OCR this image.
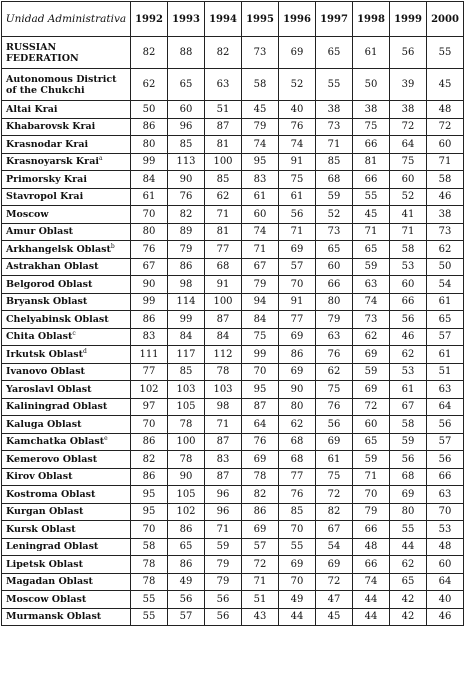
Unidad Administrativa	1992	1993	1994	1995	1996	1997	1998	1999	2000
RUSSIAN FEDERATION	82	88	82	73	69	65	61	56	55
Autonomous District of the Chukchi	62	65	63	58	52	55	50	39	45
Altai Krai	50	60	51	45	40	38	38	38	48
Khabarovsk Krai	86	96	87	79	76	73	75	72	72
Krasnodar Krai	80	85	81	74	74	71	66	64	60
Krasnoyarsk Krai$^a$	99	113	100	95	91	85	81	75	71
Primorsky Krai	84	90	85	83	75	68	66	60	58
Stavropol Krai	61	76	62	61	61	59	55	52	46
Moscow	70	82	71	60	56	52	45	41	38
Amur Oblast	80	89	81	74	71	73	71	71	73
Arkhangelsk Oblast$^b$	76	79	77	71	69	65	65	58	62
Astrakhan Oblast	67	86	68	67	57	60	59	53	50
Belgorod Oblast	90	98	91	79	70	66	63	60	54
Bryansk Oblast	99	114	100	94	91	80	74	66	61
Chelyabinsk Oblast	86	99	87	84	77	79	73	56	65
Chita Oblast$^c$	83	84	84	75	69	63	62	46	57
Irkutsk Oblast$^d$	111	117	112	99	86	76	69	62	61
Ivanovo Oblast	77	85	78	70	69	62	59	53	51
Yaroslavl Oblast	102	103	103	95	90	75	69	61	63
Kaliningrad Oblast	97	105	98	87	80	76	72	67	64
Kaluga Oblast	70	78	71	64	62	56	60	58	56
Kamchatka Oblast$^e$	86	100	87	76	68	69	65	59	57
Kemerovo Oblast	82	78	83	69	68	61	59	56	56
Kirov Oblast	86	90	87	78	77	75	71	68	66
Kostroma Oblast	95	105	96	82	76	72	70	69	63
Kurgan Oblast	95	102	96	86	85	82	79	80	70
Kursk Oblast	70	86	71	69	70	67	66	55	53
Leningrad Oblast	58	65	59	57	55	54	48	44	48
Lipetsk Oblast	78	86	79	72	69	69	66	62	60
Magadan Oblast	78	49	79	71	70	72	74	65	64
Moscow Oblast	55	56	56	51	49	47	44	42	40
Murmansk Oblast	55	57	56	43	44	45	44	42	46
